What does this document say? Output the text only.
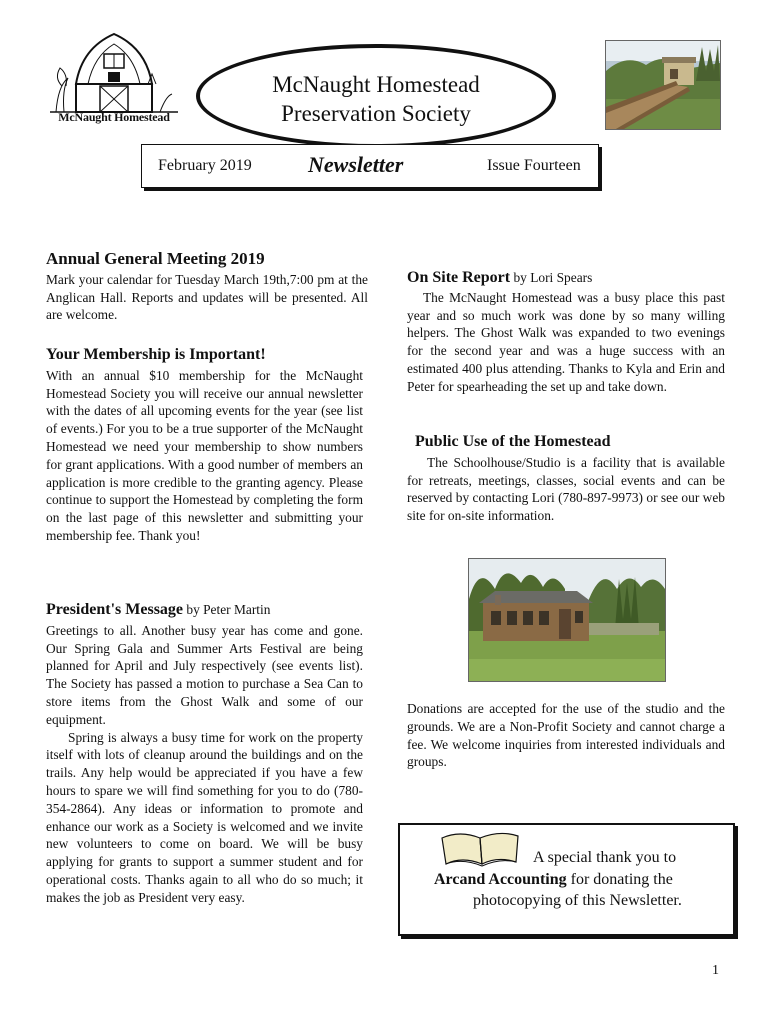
McNaught Homestead
McNaught Homestead
Preservation Society
February 2019	Newsletter	Issue Fourteen
Annual General Meeting 2019

Mark your calendar for Tuesday March 19th,7:00 pm at the Anglican Hall. Reports and updates will be presented. All are welcome.

Your Membership is Important!

With an annual $10 membership for the McNaught Homestead Society you will receive our annual newsletter with the dates of all upcoming events for the year (see list of events.) For you to be a true supporter of the McNaught Homestead we need your membership to show numbers for grant applications. With a good number of members an application is more credible to the granting agency. Please continue to support the Homestead by completing the form on the last page of this newsletter and submitting your membership fee. Thank you!

President's Message by Peter Martin

Greetings to all. Another busy year has come and gone. Our Spring Gala and Summer Arts Festival are being planned for April and July respectively (see events list). The Society has passed a motion to purchase a Sea Can to store items from the Ghost Walk and some of our equipment.

Spring is always a busy time for work on the property itself with lots of cleanup around the buildings and on the trails. Any help would be appreciated if you have a few hours to spare we will find something for you to do (780-354-2864). Any ideas or information to promote and enhance our work as a Society is welcomed and we invite new volunteers to come on board. We will be busy applying for grants to support a summer student and for operational costs. Thanks again to all who do so much; it makes the job as President very easy.

On Site Report by Lori Spears

The McNaught Homestead was a busy place this past year and so much work was done by so many willing helpers. The Ghost Walk was expanded to two evenings for the second year and was a huge success with an estimated 400 plus attending. Thanks to Kyla and Erin and Peter for spearheading the set up and take down.

Public Use of the Homestead

The Schoolhouse/Studio is a facility that is available for retreats, meetings, classes, social events and can be reserved by contacting Lori (780-897-9973) or see our web site for on-site information.

Donations are accepted for the use of the studio and the grounds. We are a Non-Profit Society and cannot charge a fee. We welcome inquiries from interested individuals and groups.

A special thank you to
Arcand Accounting for donating the
photocopying of this Newsletter.
1
